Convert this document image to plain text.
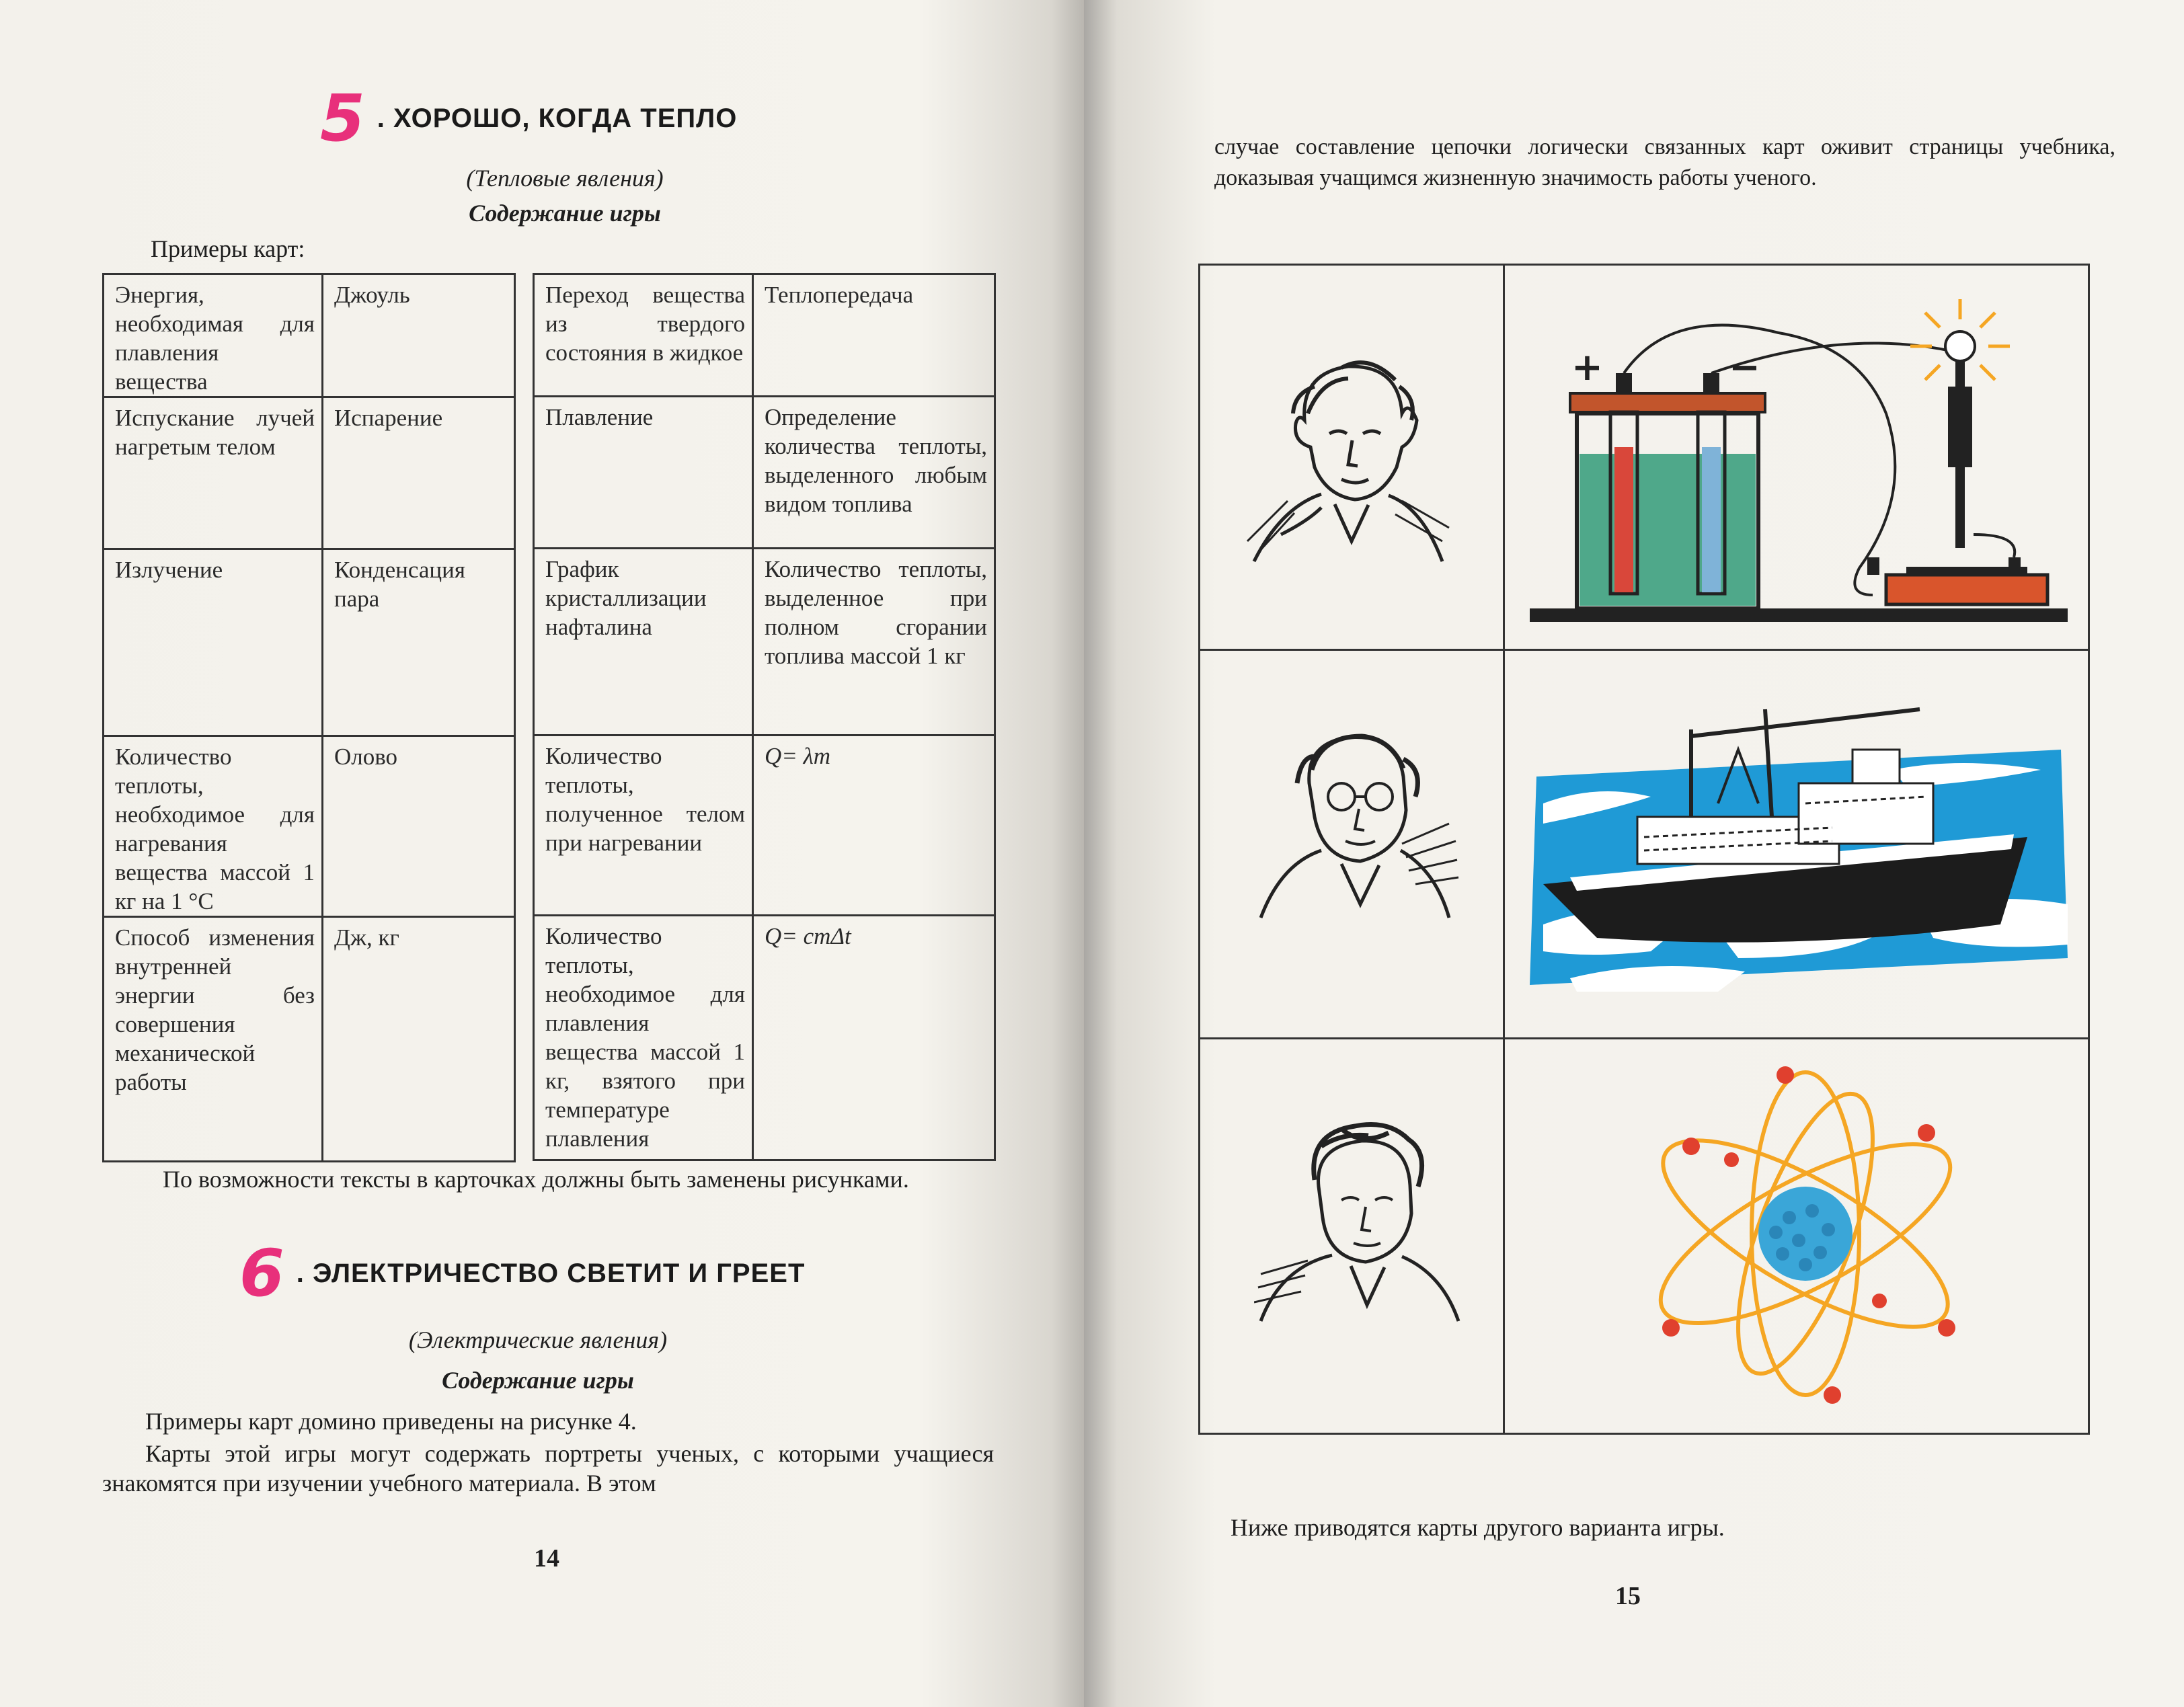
5 . ХОРОШО, КОГДА ТЕПЛО
(Тепловые явления)
Содержание игры
Примеры карт:
Энергия, необходимая для плавления вещества	Джоуль
Испускание лучей нагретым телом	Испарение
Излучение	Конденсация пара
Количество теплоты, необходимое для нагревания вещества массой 1 кг на 1 °С	Олово
Способ изменения внутренней энергии без совершения механической работы	Дж, кг
Переход вещества из твердого состояния в жидкое	Теплопередача
Плавление	Определение количества теплоты, выделенного любым видом топлива
График кристаллизации нафталина	Количество теплоты, выделенное при полном сгорании топлива массой 1 кг
Количество теплоты, полученное телом при нагревании	Q= λm
Количество теплоты, необходимое для плавления вещества массой 1 кг, взятого при температуре плавления	Q= cmΔt
По возможности тексты в карточках должны быть заменены рисунками.
6 . ЭЛЕКТРИЧЕСТВО СВЕТИТ И ГРЕЕТ
(Электрические явления)
Содержание игры
Примеры карт домино приведены на рисунке 4.
Карты этой игры могут содержать портреты ученых, с которыми учащиеся знакомятся при изучении учебного материала. В этом
14
случае составление цепочки логически связанных карт оживит страницы учебника, доказывая учащимся жизненную значимость работы ученого.
+	−
Ниже приводятся карты другого варианта игры.
15
